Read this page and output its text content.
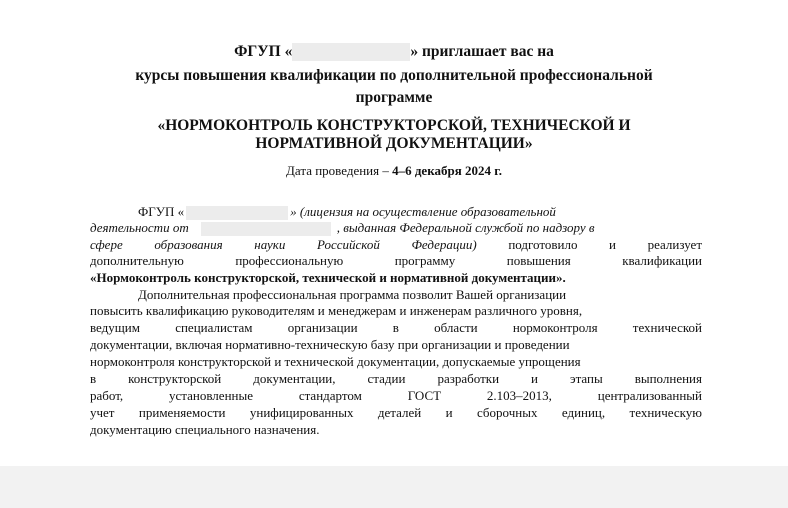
ФГУП «	» приглашает вас на
курсы повышения квалификации по дополнительной профессиональной
программе
«НОРМОКОНТРОЛЬ КОНСТРУКТОРСКОЙ, ТЕХНИЧЕСКОЙ И
НОРМАТИВНОЙ ДОКУМЕНТАЦИИ»
Дата проведения – 4–6 декабря 2024 г.
ФГУП «	» (лицензия на осуществление образовательной
деятельности от	, выданная Федеральной службой по надзору в
сфере образования науки Российской Федерации) подготовило и реализует
дополнительную профессиональную программу повышения квалификации
«Нормоконтроль конструкторской, технической и нормативной документации».
Дополнительная профессиональная программа позволит Вашей организации
повысить квалификацию руководителям и менеджерам и инженерам различного уровня,
ведущим специалистам организации в области нормоконтроля технической
документации, включая нормативно-техническую базу при организации и проведении
нормоконтроля конструкторской и технической документации, допускаемые упрощения
в конструкторской документации, стадии разработки и этапы выполнения
работ, установленные стандартом ГОСТ 2.103–2013, централизованный
учет применяемости унифицированных деталей и сборочных единиц, техническую
документацию специального назначения.
